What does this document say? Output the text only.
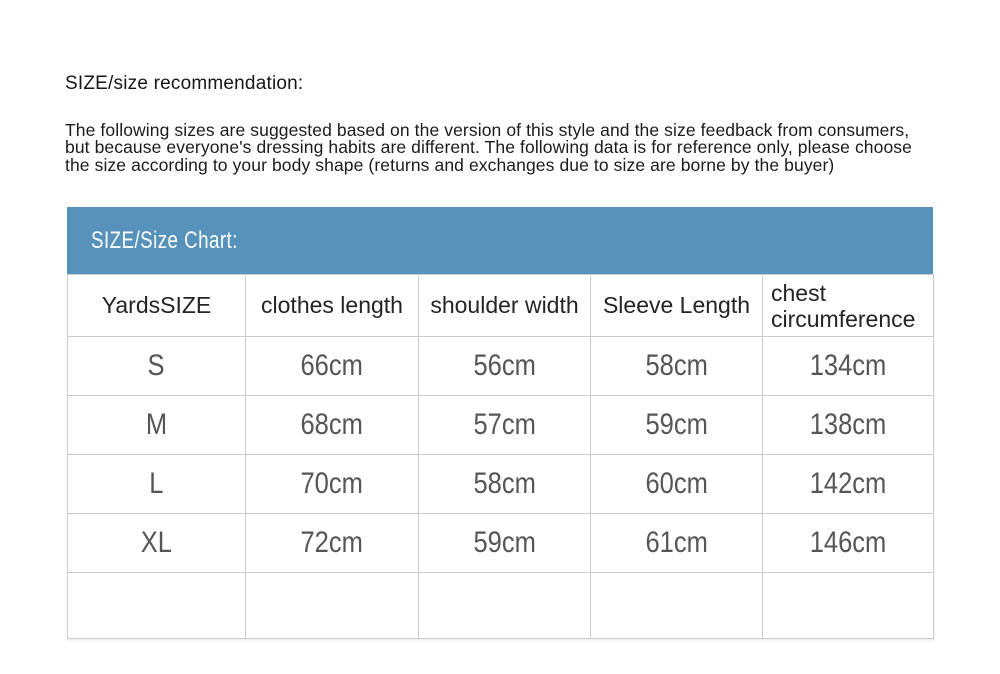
SIZE/size recommendation:
The following sizes are suggested based on the version of this style and the size feedback from consumers,
but because everyone's dressing habits are different. The following data is for reference only, please choose
the size according to your body shape (returns and exchanges due to size are borne by the buyer)
SIZE/Size Chart:
YardsSIZE	clothes length	shoulder width	Sleeve Length	chest circumference
S	66cm	56cm	58cm	134cm
M	68cm	57cm	59cm	138cm
L	70cm	58cm	60cm	142cm
XL	72cm	59cm	61cm	146cm
